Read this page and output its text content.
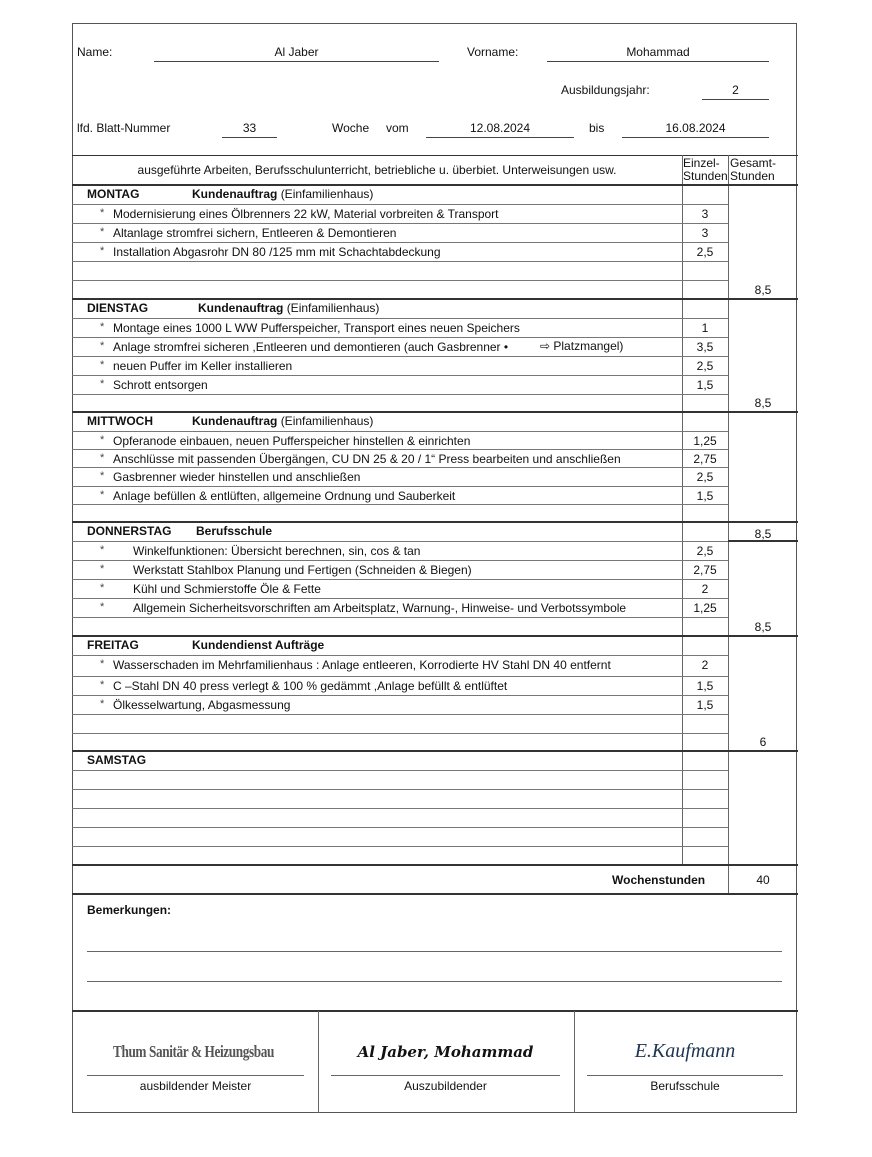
Name:	Al Jaber	Vorname:	Mohammad
Ausbildungsjahr:	2
lfd. Blatt-Nummer	33	Woche vom	12.08.2024	bis	16.08.2024
ausgeführte Arbeiten, Berufsschulunterricht, betriebliche u. überbiet. Unterweisungen usw.	Einzel-
Stunden
Gesamt-
Stunden
MONTAG	Kundenauftrag (Einfamilienhaus)
* Modernisierung eines Ölbrenners 22 kW, Material vorbreiten & Transport	3
* Altanlage stromfrei sichern, Entleeren & Demontieren	3
* Installation Abgasrohr DN 80 /125 mm mit Schachtabdeckung	2,5
8,5
DIENSTAG	Kundenauftrag (Einfamilienhaus)
* Montage eines 1000 L WW Pufferspeicher, Transport eines neuen Speichers	1
* Anlage stromfrei sicheren ,Entleeren und demontieren (auch Gasbrenner •	⇨ Platzmangel)	3,5
* neuen Puffer im Keller installieren	2,5
* Schrott entsorgen	1,5
8,5
MITTWOCH	Kundenauftrag (Einfamilienhaus)
* Opferanode einbauen, neuen Pufferspeicher hinstellen & einrichten	1,25
* Anschlüsse mit passenden Übergängen, CU DN 25 & 20 / 1“ Press bearbeiten und anschließen	2,75
* Gasbrenner wieder hinstellen und anschließen	2,5
* Anlage befüllen & entlüften, allgemeine Ordnung und Sauberkeit	1,5
8,5
DONNERSTAG Berufsschule
* Winkelfunktionen: Übersicht berechnen, sin, cos & tan	2,5
* Werkstatt Stahlbox Planung und Fertigen (Schneiden & Biegen)	2,75
* Kühl und Schmierstoffe Öle & Fette	2
* Allgemein Sicherheitsvorschriften am Arbeitsplatz, Warnung-, Hinweise- und Verbotssymbole	1,25
8,5
FREITAG	Kundendienst Aufträge
* Wasserschaden im Mehrfamilienhaus : Anlage entleeren, Korrodierte HV Stahl DN 40 entfernt	2
* C –Stahl DN 40 press verlegt & 100 % gedämmt ,Anlage befüllt & entlüftet	1,5
* Ölkesselwartung, Abgasmessung	1,5
6
SAMSTAG
Wochenstunden	40
Bemerkungen:
Thum Sanitär & Heizungsbau
ausbildender Meister
Al Jaber, Mohammad
Auszubildender
E.Kaufmann
Berufsschule
